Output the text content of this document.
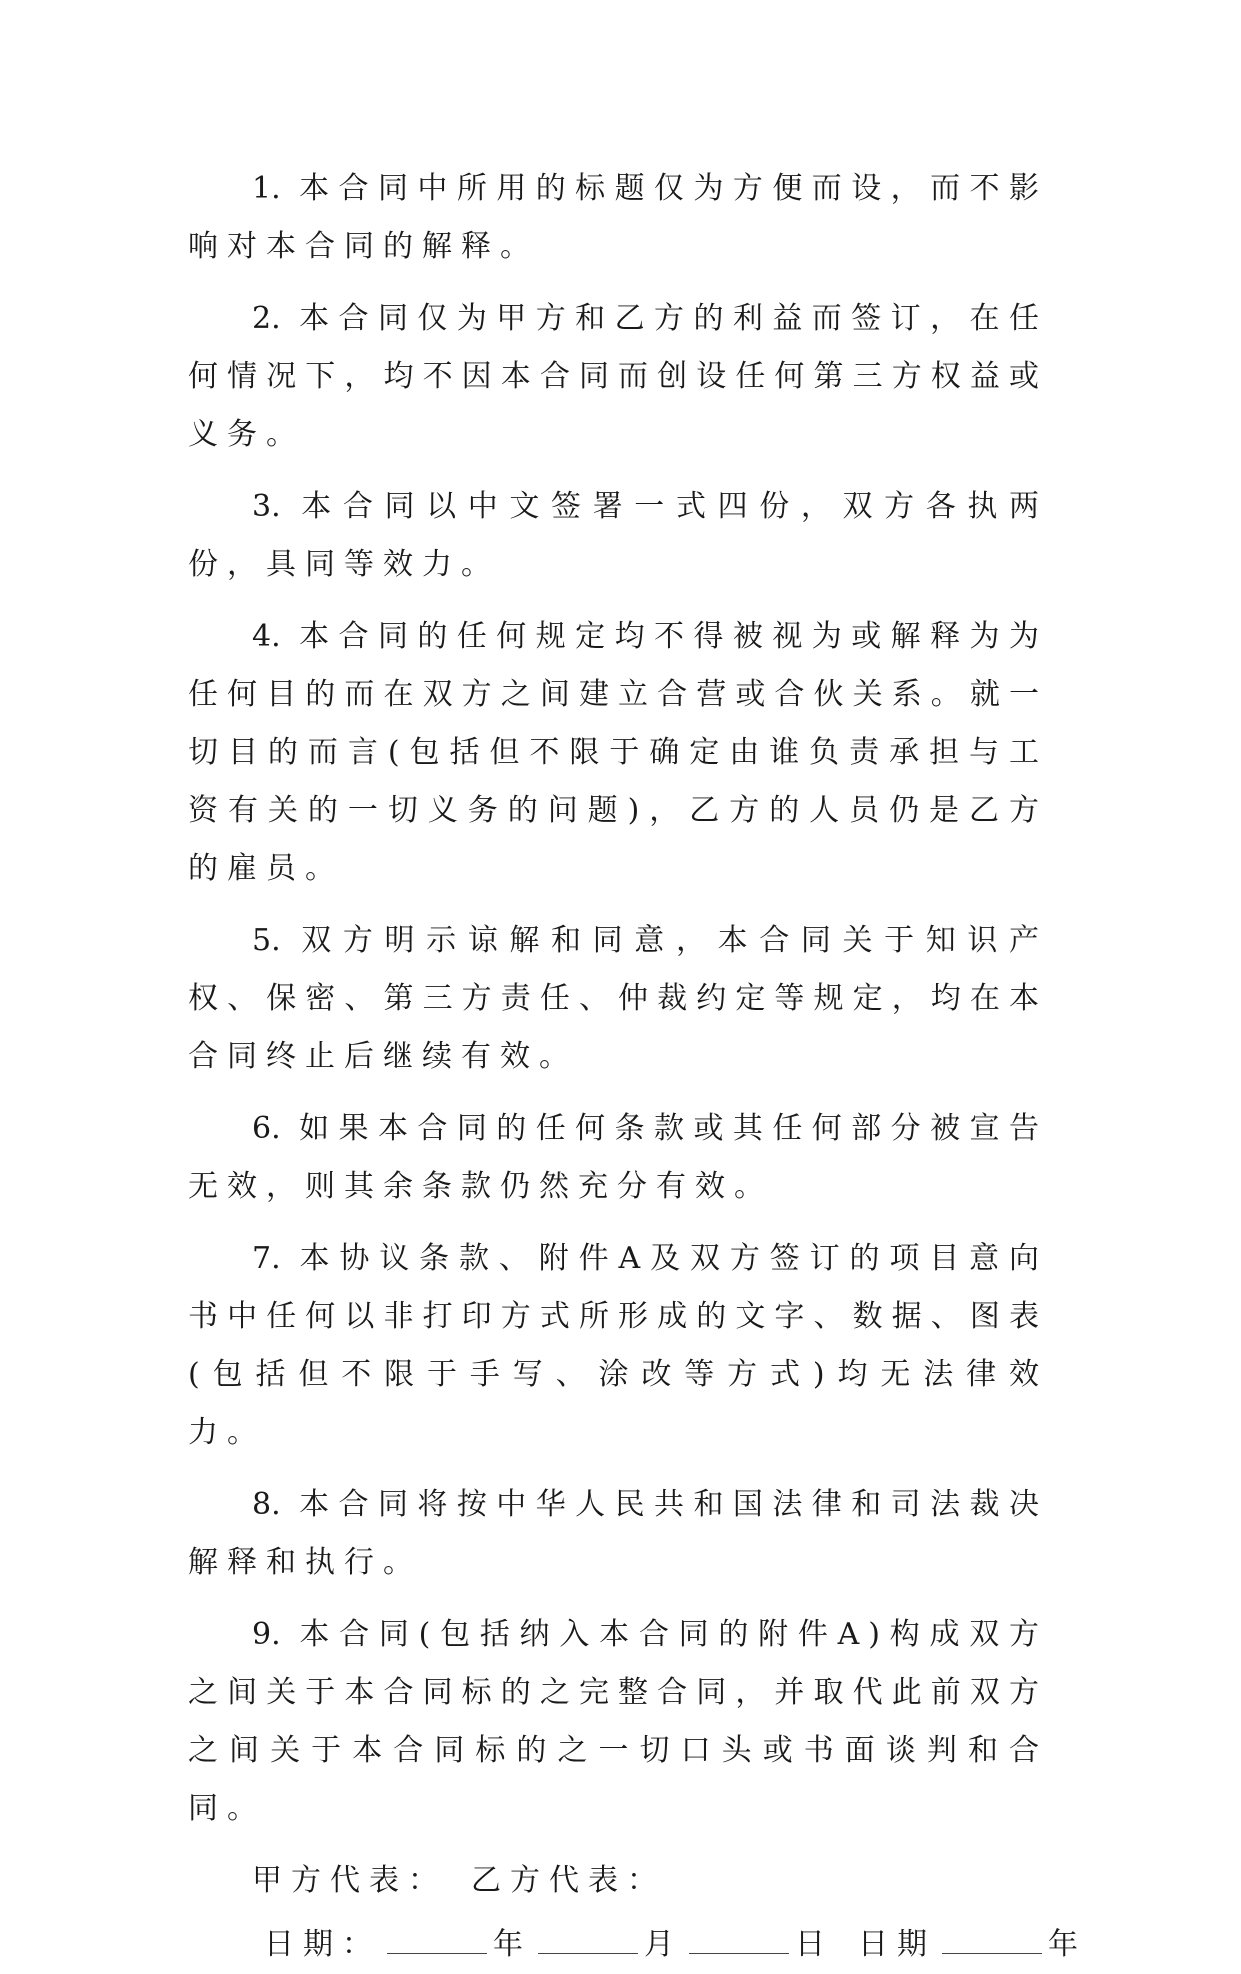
1. 本合同中所用的标题仅为方便而设，而不影响对本合同的解释。

2. 本合同仅为甲方和乙方的利益而签订，在任何情况下，均不因本合同而创设任何第三方权益或义务。

3. 本合同以中文签署一式四份，双方各执两份，具同等效力。

4. 本合同的任何规定均不得被视为或解释为为任何目的而在双方之间建立合营或合伙关系。就一切目的而言(包括但不限于确定由谁负责承担与工资有关的一切义务的问题)，乙方的人员仍是乙方的雇员。

5. 双方明示谅解和同意，本合同关于知识产权、保密、第三方责任、仲裁约定等规定，均在本合同终止后继续有效。

6. 如果本合同的任何条款或其任何部分被宣告无效，则其余条款仍然充分有效。

7. 本协议条款、附件A及双方签订的项目意向书中任何以非打印方式所形成的文字、数据、图表 (包括但不限于手写、涂改等方式)均无法律效力。

8. 本合同将按中华人民共和国法律和司法裁决解释和执行。

9. 本合同(包括纳入本合同的附件A)构成双方之间关于本合同标的之完整合同，并取代此前双方之间关于本合同标的之一切口头或书面谈判和合同。

甲方代表： 乙方代表：

日期：	年	月	日 日期	年
